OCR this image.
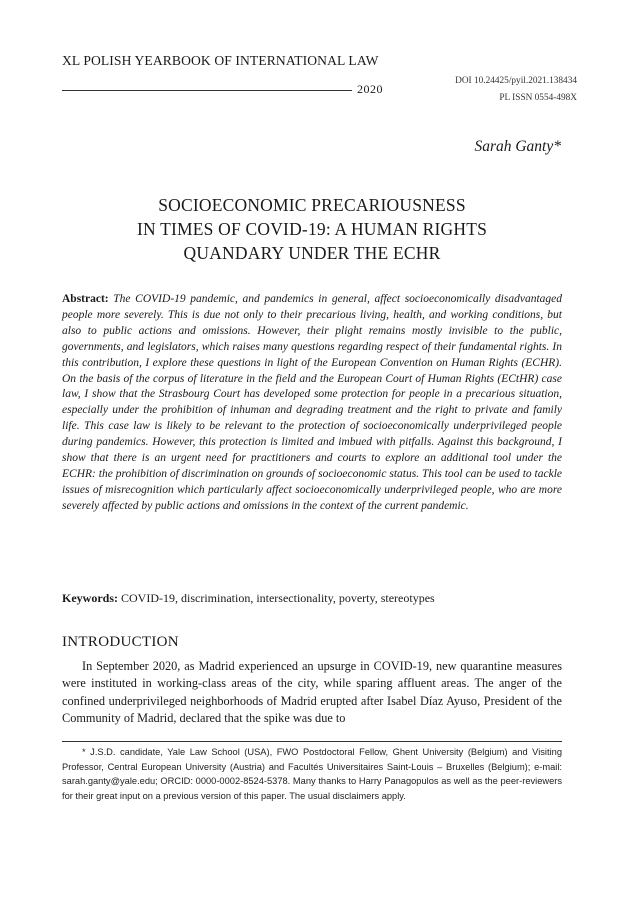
XL POLISH YEARBOOK OF INTERNATIONAL LAW
2020
DOI 10.24425/pyil.2021.138434
PL ISSN 0554-498X
Sarah Ganty*
SOCIOECONOMIC PRECARIOUSNESS
IN TIMES OF COVID-19: A HUMAN RIGHTS
QUANDARY UNDER THE ECHR
Abstract: The COVID-19 pandemic, and pandemics in general, affect socioeconomically disadvantaged people more severely. This is due not only to their precarious living, health, and working conditions, but also to public actions and omissions. However, their plight remains mostly invisible to the public, governments, and legislators, which raises many questions regarding respect of their fundamental rights. In this contribution, I explore these questions in light of the European Convention on Human Rights (ECHR). On the basis of the corpus of literature in the field and the European Court of Human Rights (ECtHR) case law, I show that the Strasbourg Court has developed some protection for people in a precarious situation, especially under the prohibition of inhuman and degrading treatment and the right to private and family life. This case law is likely to be relevant to the protection of socioeconomically underprivileged people during pandemics. However, this protection is limited and imbued with pitfalls. Against this background, I show that there is an urgent need for practitioners and courts to explore an additional tool under the ECHR: the prohibition of discrimination on grounds of socioeconomic status. This tool can be used to tackle issues of misrecognition which particularly affect socioeconomically underprivileged people, who are more severely affected by public actions and omissions in the context of the current pandemic.
Keywords: COVID-19, discrimination, intersectionality, poverty, stereotypes
INTRODUCTION
In September 2020, as Madrid experienced an upsurge in COVID-19, new quarantine measures were instituted in working-class areas of the city, while sparing affluent areas. The anger of the confined underprivileged neighborhoods of Madrid erupted after Isabel Díaz Ayuso, President of the Community of Madrid, declared that the spike was due to
* J.S.D. candidate, Yale Law School (USA), FWO Postdoctoral Fellow, Ghent University (Belgium) and Visiting Professor, Central European University (Austria) and Facultés Universitaires Saint-Louis – Bruxelles (Belgium); e-mail: sarah.ganty@yale.edu; ORCID: 0000-0002-8524-5378. Many thanks to Harry Panagopulos as well as the peer-reviewers for their great input on a previous version of this paper. The usual disclaimers apply.
